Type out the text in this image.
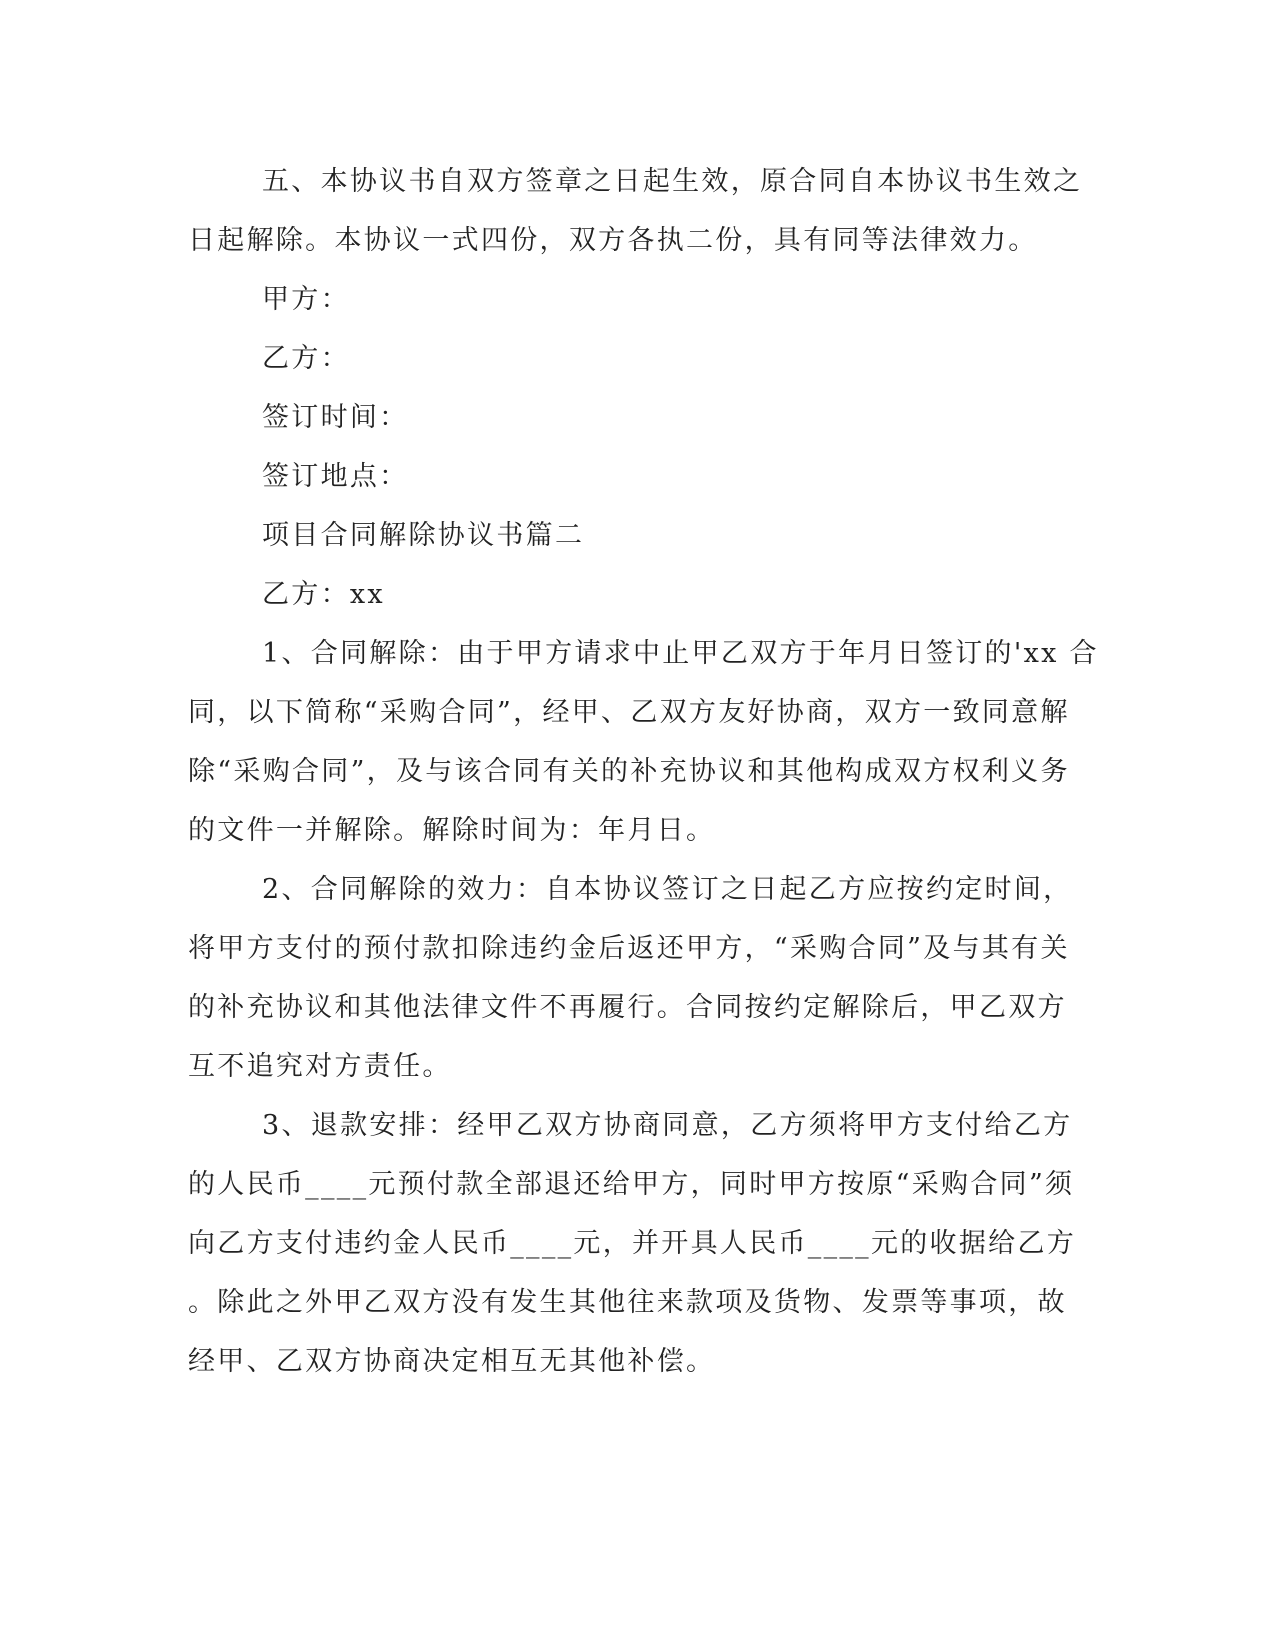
五、本协议书自双方签章之日起生效，原合同自本协议书生效之

日起解除。本协议一式四份，双方各执二份，具有同等法律效力。

甲方：

乙方：

签订时间：

签订地点：

项目合同解除协议书篇二

乙方：xx

1、合同解除：由于甲方请求中止甲乙双方于年月日签订的'xx 合

同，以下简称“采购合同”，经甲、乙双方友好协商，双方一致同意解

除“采购合同”，及与该合同有关的补充协议和其他构成双方权利义务

的文件一并解除。解除时间为：年月日。

2、合同解除的效力：自本协议签订之日起乙方应按约定时间，

将甲方支付的预付款扣除违约金后返还甲方，“采购合同”及与其有关

的补充协议和其他法律文件不再履行。合同按约定解除后，甲乙双方

互不追究对方责任。

3、退款安排：经甲乙双方协商同意，乙方须将甲方支付给乙方

的人民币____元预付款全部退还给甲方，同时甲方按原“采购合同”须

向乙方支付违约金人民币____元，并开具人民币____元的收据给乙方

。除此之外甲乙双方没有发生其他往来款项及货物、发票等事项，故

经甲、乙双方协商决定相互无其他补偿。
